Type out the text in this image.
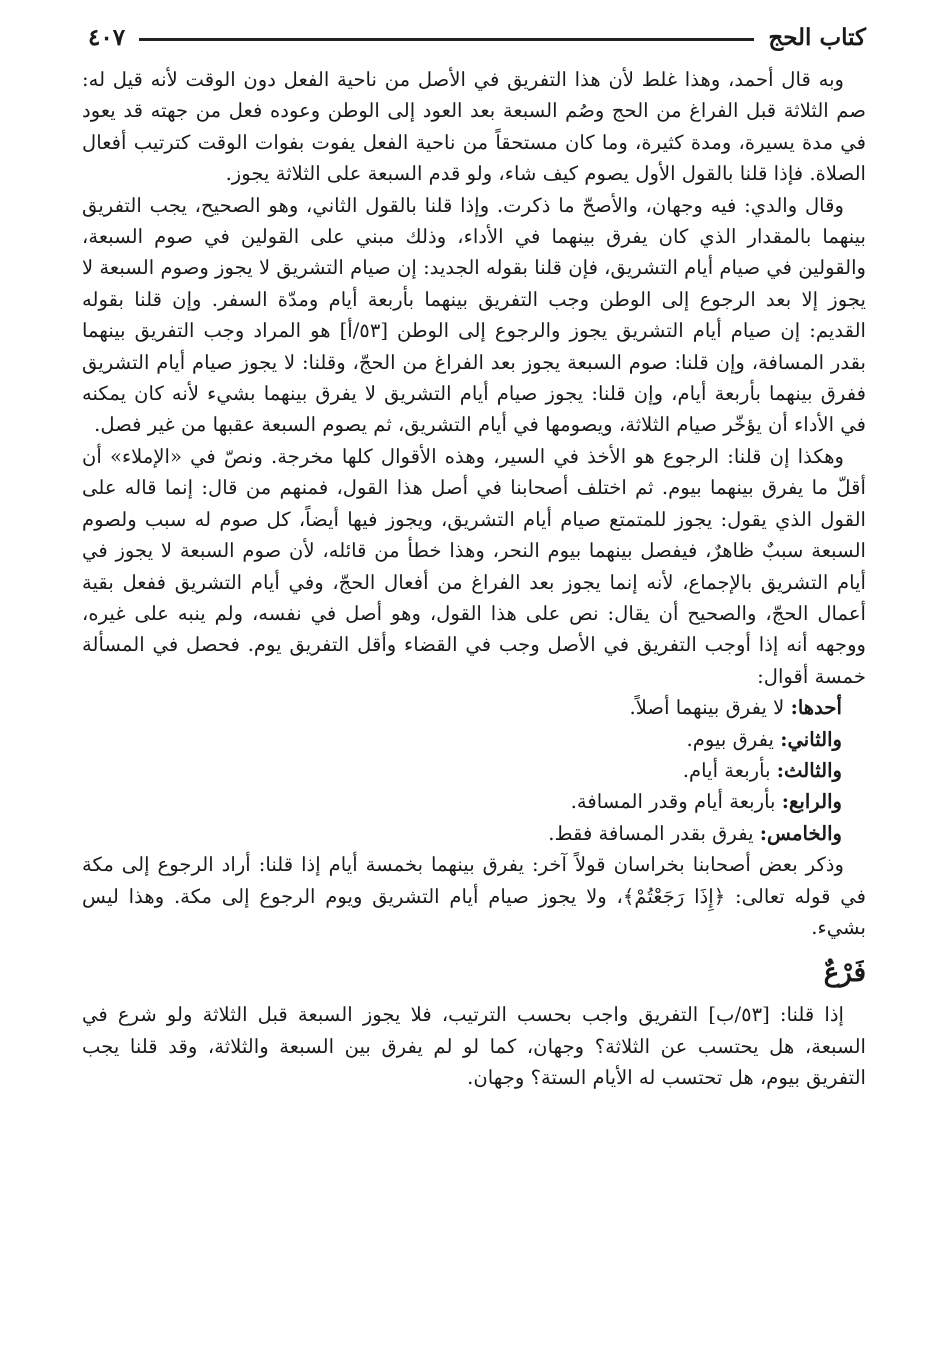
كتاب الحج
٤٠٧

وبه قال أحمد، وهذا غلط لأن هذا التفريق في الأصل من ناحية الفعل دون الوقت لأنه قيل له: صم الثلاثة قبل الفراغ من الحج وصُم السبعة بعد العود إلى الوطن وعوده فعل من جهته قد يعود في مدة يسيرة، ومدة كثيرة، وما كان مستحقاً من ناحية الفعل يفوت بفوات الوقت كترتيب أفعال الصلاة. فإذا قلنا بالقول الأول يصوم كيف شاء، ولو قدم السبعة على الثلاثة يجوز.

وقال والدي: فيه وجهان، والأصحّ ما ذكرت. وإذا قلنا بالقول الثاني، وهو الصحيح، يجب التفريق بينهما بالمقدار الذي كان يفرق بينهما في الأداء، وذلك مبني على القولين في صوم السبعة، والقولين في صيام أيام التشريق، فإن قلنا بقوله الجديد: إن صيام التشريق لا يجوز وصوم السبعة لا يجوز إلا بعد الرجوع إلى الوطن وجب التفريق بينهما بأربعة أيام ومدّة السفر. وإن قلنا بقوله القديم: إن صيام أيام التشريق يجوز والرجوع إلى الوطن [٥٣/أ] هو المراد وجب التفريق بينهما بقدر المسافة، وإن قلنا: صوم السبعة يجوز بعد الفراغ من الحجّ، وقلنا: لا يجوز صيام أيام التشريق ففرق بينهما بأربعة أيام، وإن قلنا: يجوز صيام أيام التشريق لا يفرق بينهما بشيء لأنه كان يمكنه في الأداء أن يؤخّر صيام الثلاثة، ويصومها في أيام التشريق، ثم يصوم السبعة عقبها من غير فصل.

وهكذا إن قلنا: الرجوع هو الأخذ في السير، وهذه الأقوال كلها مخرجة. ونصّ في «الإملاء» أن أقلّ ما يفرق بينهما بيوم. ثم اختلف أصحابنا في أصل هذا القول، فمنهم من قال: إنما قاله على القول الذي يقول: يجوز للمتمتع صيام أيام التشريق، ويجوز فيها أيضاً، كل صوم له سبب ولصوم السبعة سببٌ ظاهرٌ، فيفصل بينهما بيوم النحر، وهذا خطأ من قائله، لأن صوم السبعة لا يجوز في أيام التشريق بالإجماع، لأنه إنما يجوز بعد الفراغ من أفعال الحجّ، وفي أيام التشريق ففعل بقية أعمال الحجّ، والصحيح أن يقال: نص على هذا القول، وهو أصل في نفسه، ولم ينبه على غيره، ووجهه أنه إذا أوجب التفريق في الأصل وجب في القضاء وأقل التفريق يوم. فحصل في المسألة خمسة أقوال:

أحدها: لا يفرق بينهما أصلاً.
والثاني: يفرق بيوم.
والثالث: بأربعة أيام.
والرابع: بأربعة أيام وقدر المسافة.
والخامس: يفرق بقدر المسافة فقط.

وذكر بعض أصحابنا بخراسان قولاً آخر: يفرق بينهما بخمسة أيام إذا قلنا: أراد الرجوع إلى مكة في قوله تعالى: ﴿إِذَا رَجَعْتُمْ﴾، ولا يجوز صيام أيام التشريق ويوم الرجوع إلى مكة. وهذا ليس بشيء.

فَرْعٌ

إذا قلنا: [٥٣/ب] التفريق واجب بحسب الترتيب، فلا يجوز السبعة قبل الثلاثة ولو شرع في السبعة، هل يحتسب عن الثلاثة؟ وجهان، كما لو لم يفرق بين السبعة والثلاثة، وقد قلنا يجب التفريق بيوم، هل تحتسب له الأيام الستة؟ وجهان.
